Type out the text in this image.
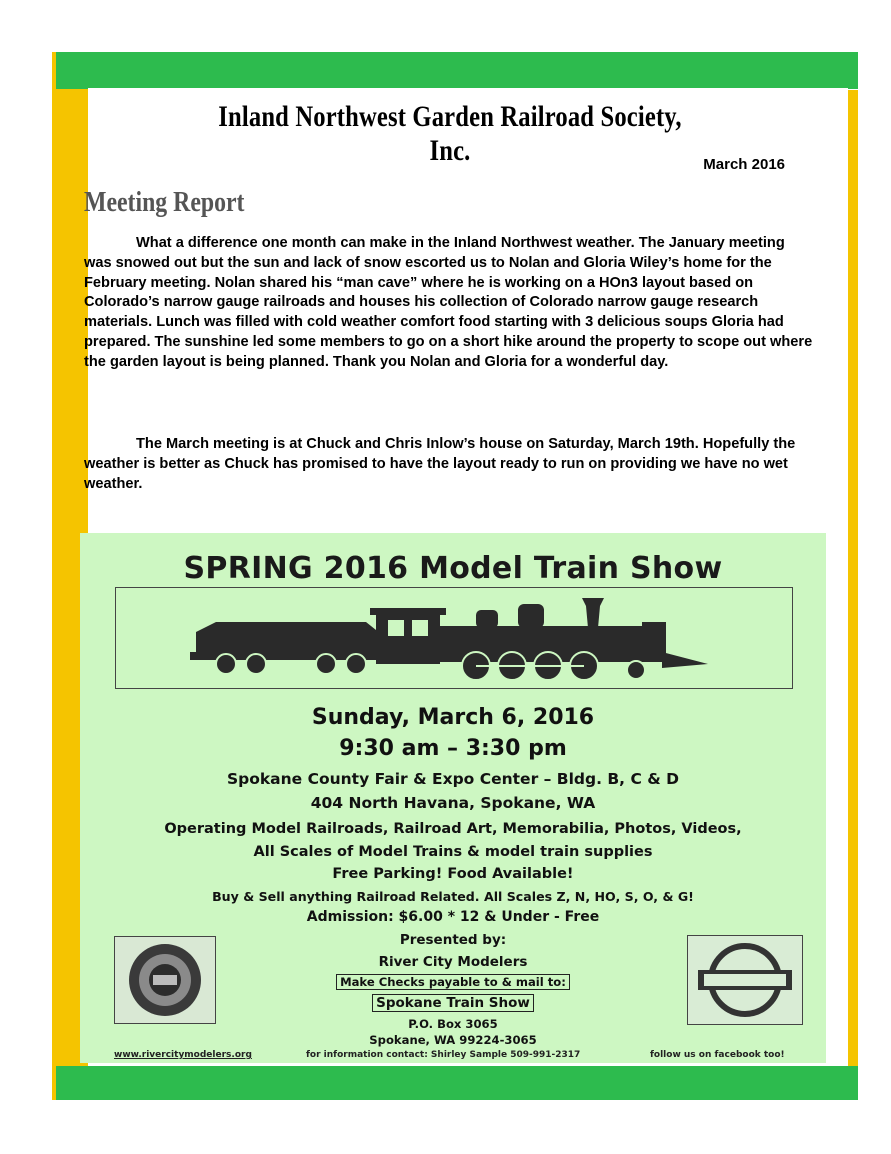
Inland Northwest Garden Railroad Society, Inc.	March 2016
Meeting Report

What a difference one month can make in the Inland Northwest weather. The January meeting was snowed out but the sun and lack of snow escorted us to Nolan and Gloria Wiley’s home for the February meeting. Nolan shared his “man cave” where he is working on a HOn3 layout based on Colorado’s narrow gauge railroads and houses his collection of Colorado narrow gauge research materials. Lunch was filled with cold weather comfort food starting with 3 delicious soups Gloria had prepared. The sunshine led some members to go on a short hike around the property to scope out where the garden layout is being planned. Thank you Nolan and Gloria for a wonderful day.

The March meeting is at Chuck and Chris Inlow’s house on Saturday, March 19th. Hopefully the weather is better as Chuck has promised to have the layout ready to run on providing we have no wet weather.

SPRING 2016 Model Train Show
Sunday, March 6, 2016
9:30 am – 3:30 pm
Spokane County Fair & Expo Center – Bldg. B, C & D
404 North Havana, Spokane, WA
Operating Model Railroads, Railroad Art, Memorabilia, Photos, Videos,
All Scales of Model Trains & model train supplies
Free Parking! Food Available!
Buy & Sell anything Railroad Related. All Scales Z, N, HO, S, O, & G!
Admission: $6.00 * 12 & Under - Free
Presented by:
River City Modelers
Make Checks payable to & mail to:
Spokane Train Show
P.O. Box 3065
Spokane, WA 99224-3065
www.rivercitymodelers.org	for information contact: Shirley Sample 509-991-2317	follow us on facebook too!
